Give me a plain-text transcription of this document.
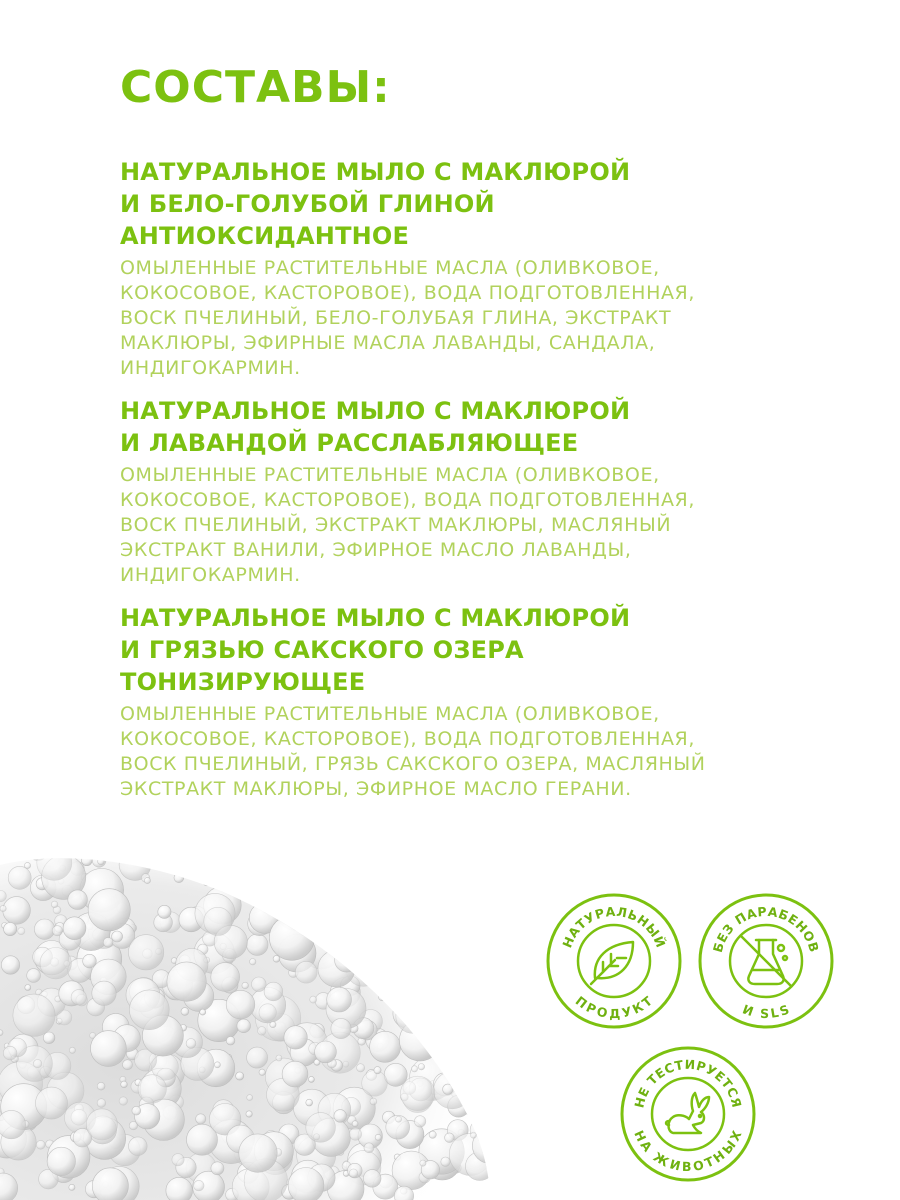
СОСТАВЫ:
НАТУРАЛЬНОЕ МЫЛО С МАКЛЮРОЙ
И БЕЛО-ГОЛУБОЙ ГЛИНОЙ
АНТИОКСИДАНТНОЕ

ОМЫЛЕННЫЕ РАСТИТЕЛЬНЫЕ МАСЛА (ОЛИВКОВОЕ,
КОКОСОВОЕ, КАСТОРОВОЕ), ВОДА ПОДГОТОВЛЕННАЯ,
ВОСК ПЧЕЛИНЫЙ, БЕЛО-ГОЛУБАЯ ГЛИНА, ЭКСТРАКТ
МАКЛЮРЫ, ЭФИРНЫЕ МАСЛА ЛАВАНДЫ, САНДАЛА,
ИНДИГОКАРМИН.

НАТУРАЛЬНОЕ МЫЛО С МАКЛЮРОЙ
И ЛАВАНДОЙ РАССЛАБЛЯЮЩЕЕ

ОМЫЛЕННЫЕ РАСТИТЕЛЬНЫЕ МАСЛА (ОЛИВКОВОЕ,
КОКОСОВОЕ, КАСТОРОВОЕ), ВОДА ПОДГОТОВЛЕННАЯ,
ВОСК ПЧЕЛИНЫЙ, ЭКСТРАКТ МАКЛЮРЫ, МАСЛЯНЫЙ
ЭКСТРАКТ ВАНИЛИ, ЭФИРНОЕ МАСЛО ЛАВАНДЫ,
ИНДИГОКАРМИН.

НАТУРАЛЬНОЕ МЫЛО С МАКЛЮРОЙ
И ГРЯЗЬЮ САКСКОГО ОЗЕРА
ТОНИЗИРУЮЩЕЕ

ОМЫЛЕННЫЕ РАСТИТЕЛЬНЫЕ МАСЛА (ОЛИВКОВОЕ,
КОКОСОВОЕ, КАСТОРОВОЕ), ВОДА ПОДГОТОВЛЕННАЯ,
ВОСК ПЧЕЛИНЫЙ, ГРЯЗЬ САКСКОГО ОЗЕРА, МАСЛЯНЫЙ
ЭКСТРАКТ МАКЛЮРЫ, ЭФИРНОЕ МАСЛО ГЕРАНИ.

НАТУРАЛЬНЫЙ
ПРОДУКТ
БЕЗ ПАРАБЕНОВ
И SLS
НЕ ТЕСТИРУЕТСЯ
НА ЖИВОТНЫХ
